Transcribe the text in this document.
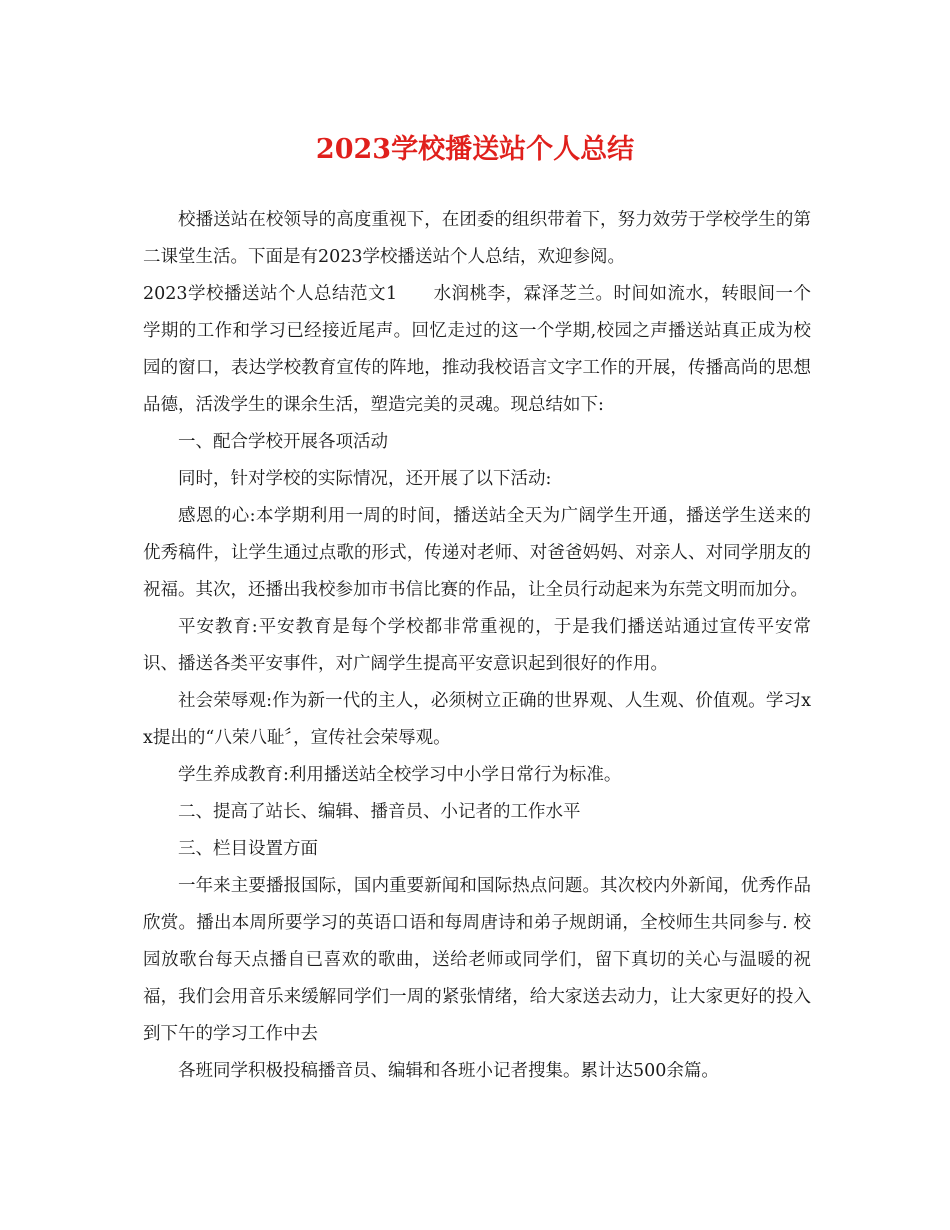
2023学校播送站个人总结

校播送站在校领导的高度重视下，在团委的组织带着下，努力效劳于学校学生的第二课堂生活。下面是有2023学校播送站个人总结，欢迎参阅。

2023学校播送站个人总结范文1　　水润桃李，霖泽芝兰。时间如流水，转眼间一个学期的工作和学习已经接近尾声。回忆走过的这一个学期,校园之声播送站真正成为校园的窗口，表达学校教育宣传的阵地，推动我校语言文字工作的开展，传播高尚的思想品德，活泼学生的课余生活，塑造完美的灵魂。现总结如下:

一、配合学校开展各项活动

同时，针对学校的实际情况，还开展了以下活动:

感恩的心:本学期利用一周的时间，播送站全天为广阔学生开通，播送学生送来的优秀稿件，让学生通过点歌的形式，传递对老师、对爸爸妈妈、对亲人、对同学朋友的祝福。其次，还播出我校参加市书信比赛的作品，让全员行动起来为东莞文明而加分。

平安教育:平安教育是每个学校都非常重视的，于是我们播送站通过宣传平安常识、播送各类平安事件，对广阔学生提高平安意识起到很好的作用。

社会荣辱观:作为新一代的主人，必须树立正确的世界观、人生观、价值观。学习xx提出的“八荣八耻〞，宣传社会荣辱观。

学生养成教育:利用播送站全校学习中小学日常行为标准。

二、提高了站长、编辑、播音员、小记者的工作水平

三、栏目设置方面

一年来主要播报国际，国内重要新闻和国际热点问题。其次校内外新闻，优秀作品欣赏。播出本周所要学习的英语口语和每周唐诗和弟子规朗诵，全校师生共同参与. 校园放歌台每天点播自已喜欢的歌曲，送给老师或同学们，留下真切的关心与温暖的祝福，我们会用音乐来缓解同学们一周的紧张情绪，给大家送去动力，让大家更好的投入到下午的学习工作中去

各班同学积极投稿播音员、编辑和各班小记者搜集。累计达500余篇。
